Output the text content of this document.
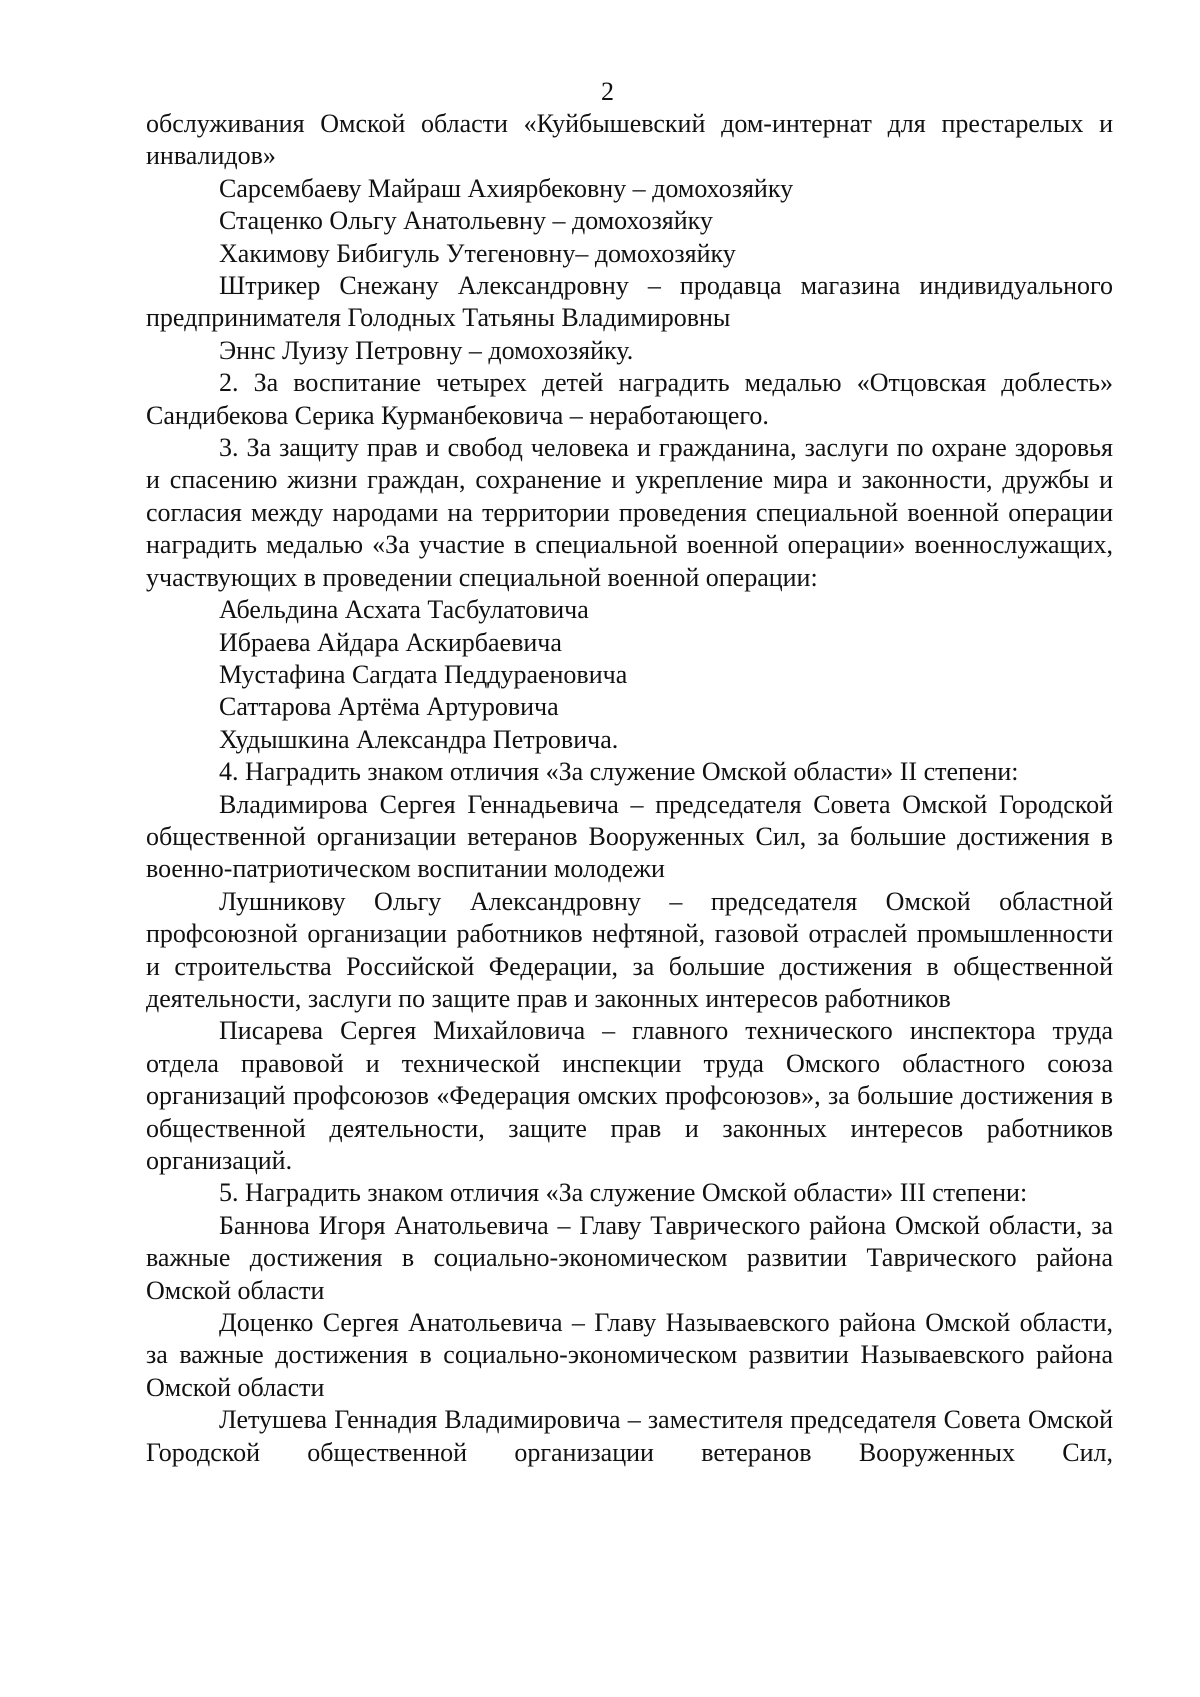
2

обслуживания Омской области «Куйбышевский дом-интернат для престарелых и инвалидов»

Сарсембаеву Майраш Ахиярбековну – домохозяйку

Стаценко Ольгу Анатольевну – домохозяйку

Хакимову Бибигуль Утегеновну– домохозяйку

Штрикер Снежану Александровну – продавца магазина индивидуального предпринимателя Голодных Татьяны Владимировны

Эннс Луизу Петровну – домохозяйку.

2. За воспитание четырех детей наградить медалью «Отцовская доблесть» Сандибекова Серика Курманбековича – неработающего.

3. За защиту прав и свобод человека и гражданина, заслуги по охране здоровья и спасению жизни граждан, сохранение и укрепление мира и законности, дружбы и согласия между народами на территории проведения специальной военной операции наградить медалью «За участие в специальной военной операции» военнослужащих, участвующих в проведении специальной военной операции:

Абельдина Асхата Тасбулатовича

Ибраева Айдара Аскирбаевича

Мустафина Сагдата Педдураеновича

Саттарова Артёма Артуровича

Худышкина Александра Петровича.

4. Наградить знаком отличия «За служение Омской области» II степени:

Владимирова Сергея Геннадьевича – председателя Совета Омской Городской общественной организации ветеранов Вооруженных Сил, за большие достижения в военно-патриотическом воспитании молодежи

Лушникову Ольгу Александровну – председателя Омской областной профсоюзной организации работников нефтяной, газовой отраслей промышленности и строительства Российской Федерации, за большие достижения в общественной деятельности, заслуги по защите прав и законных интересов работников

Писарева Сергея Михайловича – главного технического инспектора труда отдела правовой и технической инспекции труда Омского областного союза организаций профсоюзов «Федерация омских профсоюзов», за большие достижения в общественной деятельности, защите прав и законных интересов работников организаций.

5. Наградить знаком отличия «За служение Омской области» III степени:

Баннова Игоря Анатольевича – Главу Таврического района Омской области, за важные достижения в социально-экономическом развитии Таврического района Омской области

Доценко Сергея Анатольевича – Главу Называевского района Омской области, за важные достижения в социально-экономическом развитии Называевского района Омской области

Летушева Геннадия Владимировича – заместителя председателя Совета Омской Городской общественной организации ветеранов Вооруженных Сил,
